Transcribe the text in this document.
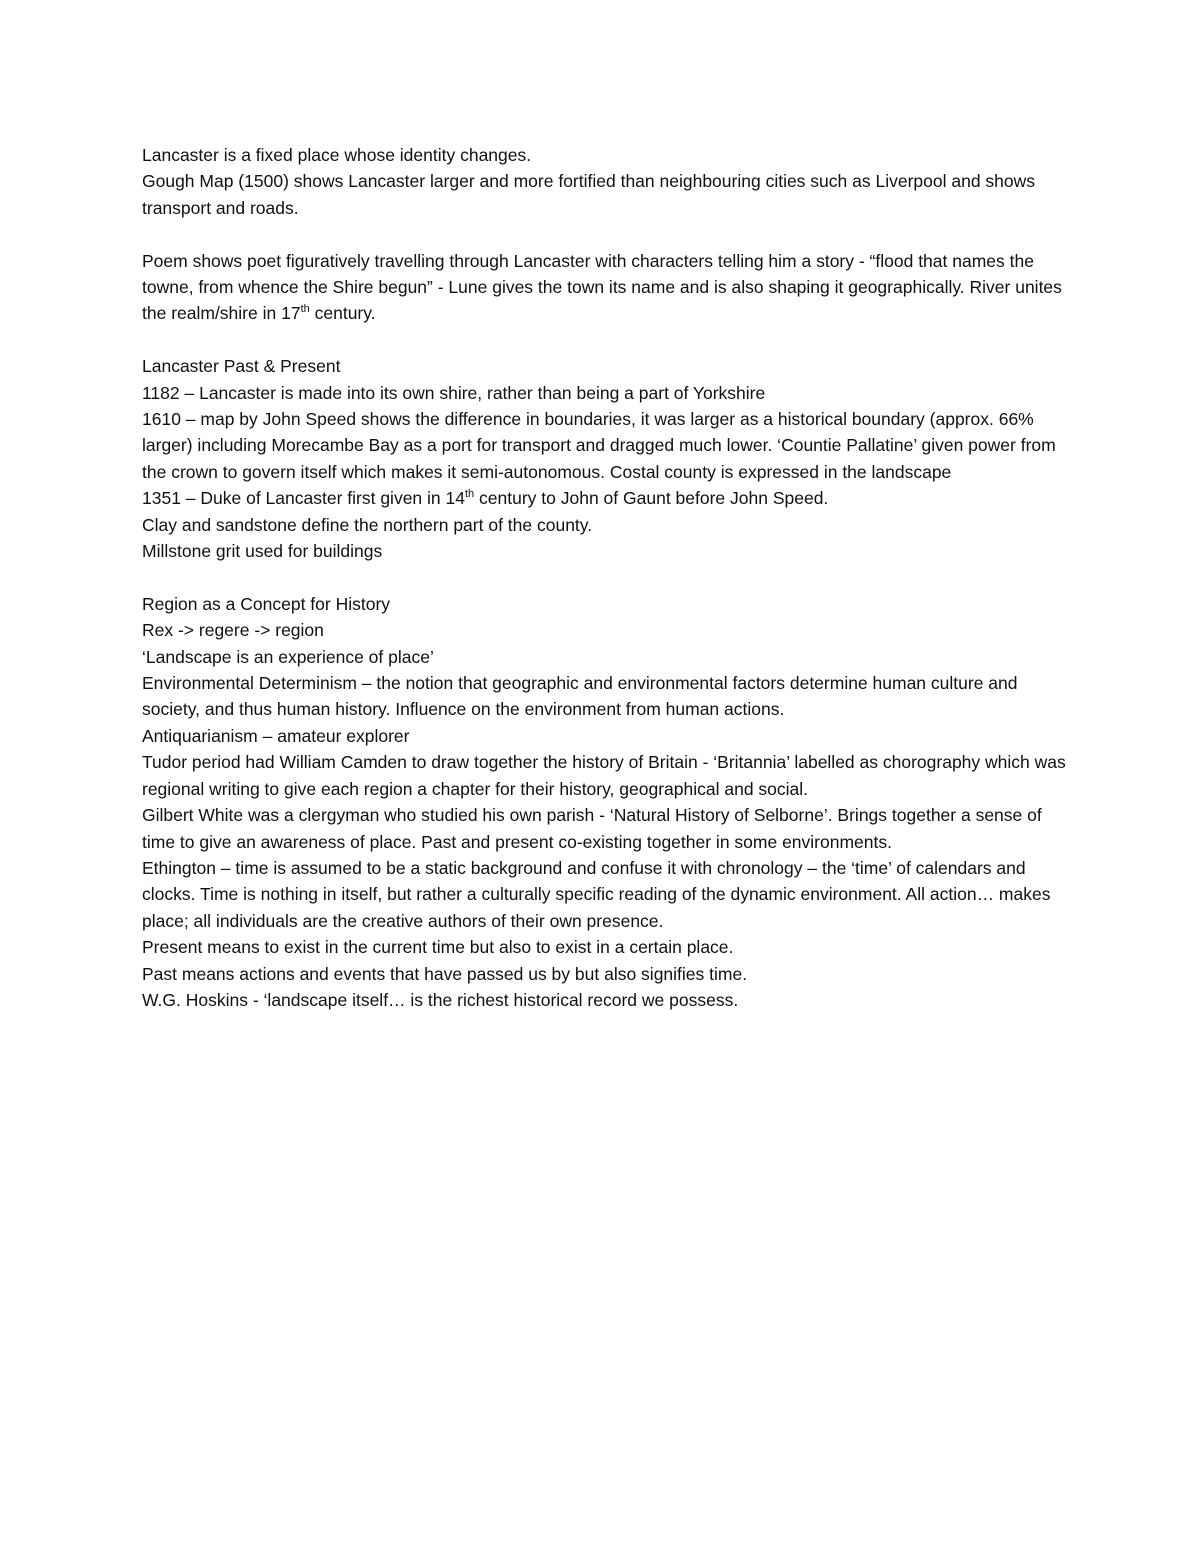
Lancaster is a fixed place whose identity changes.
Gough Map (1500) shows Lancaster larger and more fortified than neighbouring cities such as Liverpool and shows transport and roads.
Poem shows poet figuratively travelling through Lancaster with characters telling him a story - “flood that names the towne, from whence the Shire begun” - Lune gives the town its name and is also shaping it geographically. River unites the realm/shire in 17th century.
Lancaster Past & Present
1182 – Lancaster is made into its own shire, rather than being a part of Yorkshire
1610 – map by John Speed shows the difference in boundaries, it was larger as a historical boundary (approx. 66% larger) including Morecambe Bay as a port for transport and dragged much lower. ‘Countie Pallatine’ given power from the crown to govern itself which makes it semi-autonomous. Costal county is expressed in the landscape
1351 – Duke of Lancaster first given in 14th century to John of Gaunt before John Speed.
Clay and sandstone define the northern part of the county.
Millstone grit used for buildings
Region as a Concept for History
Rex -> regere -> region
‘Landscape is an experience of place’
Environmental Determinism – the notion that geographic and environmental factors determine human culture and society, and thus human history. Influence on the environment from human actions.
Antiquarianism – amateur explorer
Tudor period had William Camden to draw together the history of Britain - ‘Britannia’ labelled as chorography which was regional writing to give each region a chapter for their history, geographical and social.
Gilbert White was a clergyman who studied his own parish - ‘Natural History of Selborne’. Brings together a sense of time to give an awareness of place. Past and present co-existing together in some environments.
Ethington – time is assumed to be a static background and confuse it with chronology – the ‘time’ of calendars and clocks. Time is nothing in itself, but rather a culturally specific reading of the dynamic environment. All action… makes place; all individuals are the creative authors of their own presence.
Present means to exist in the current time but also to exist in a certain place.
Past means actions and events that have passed us by but also signifies time.
W.G. Hoskins - ‘landscape itself… is the richest historical record we possess.
